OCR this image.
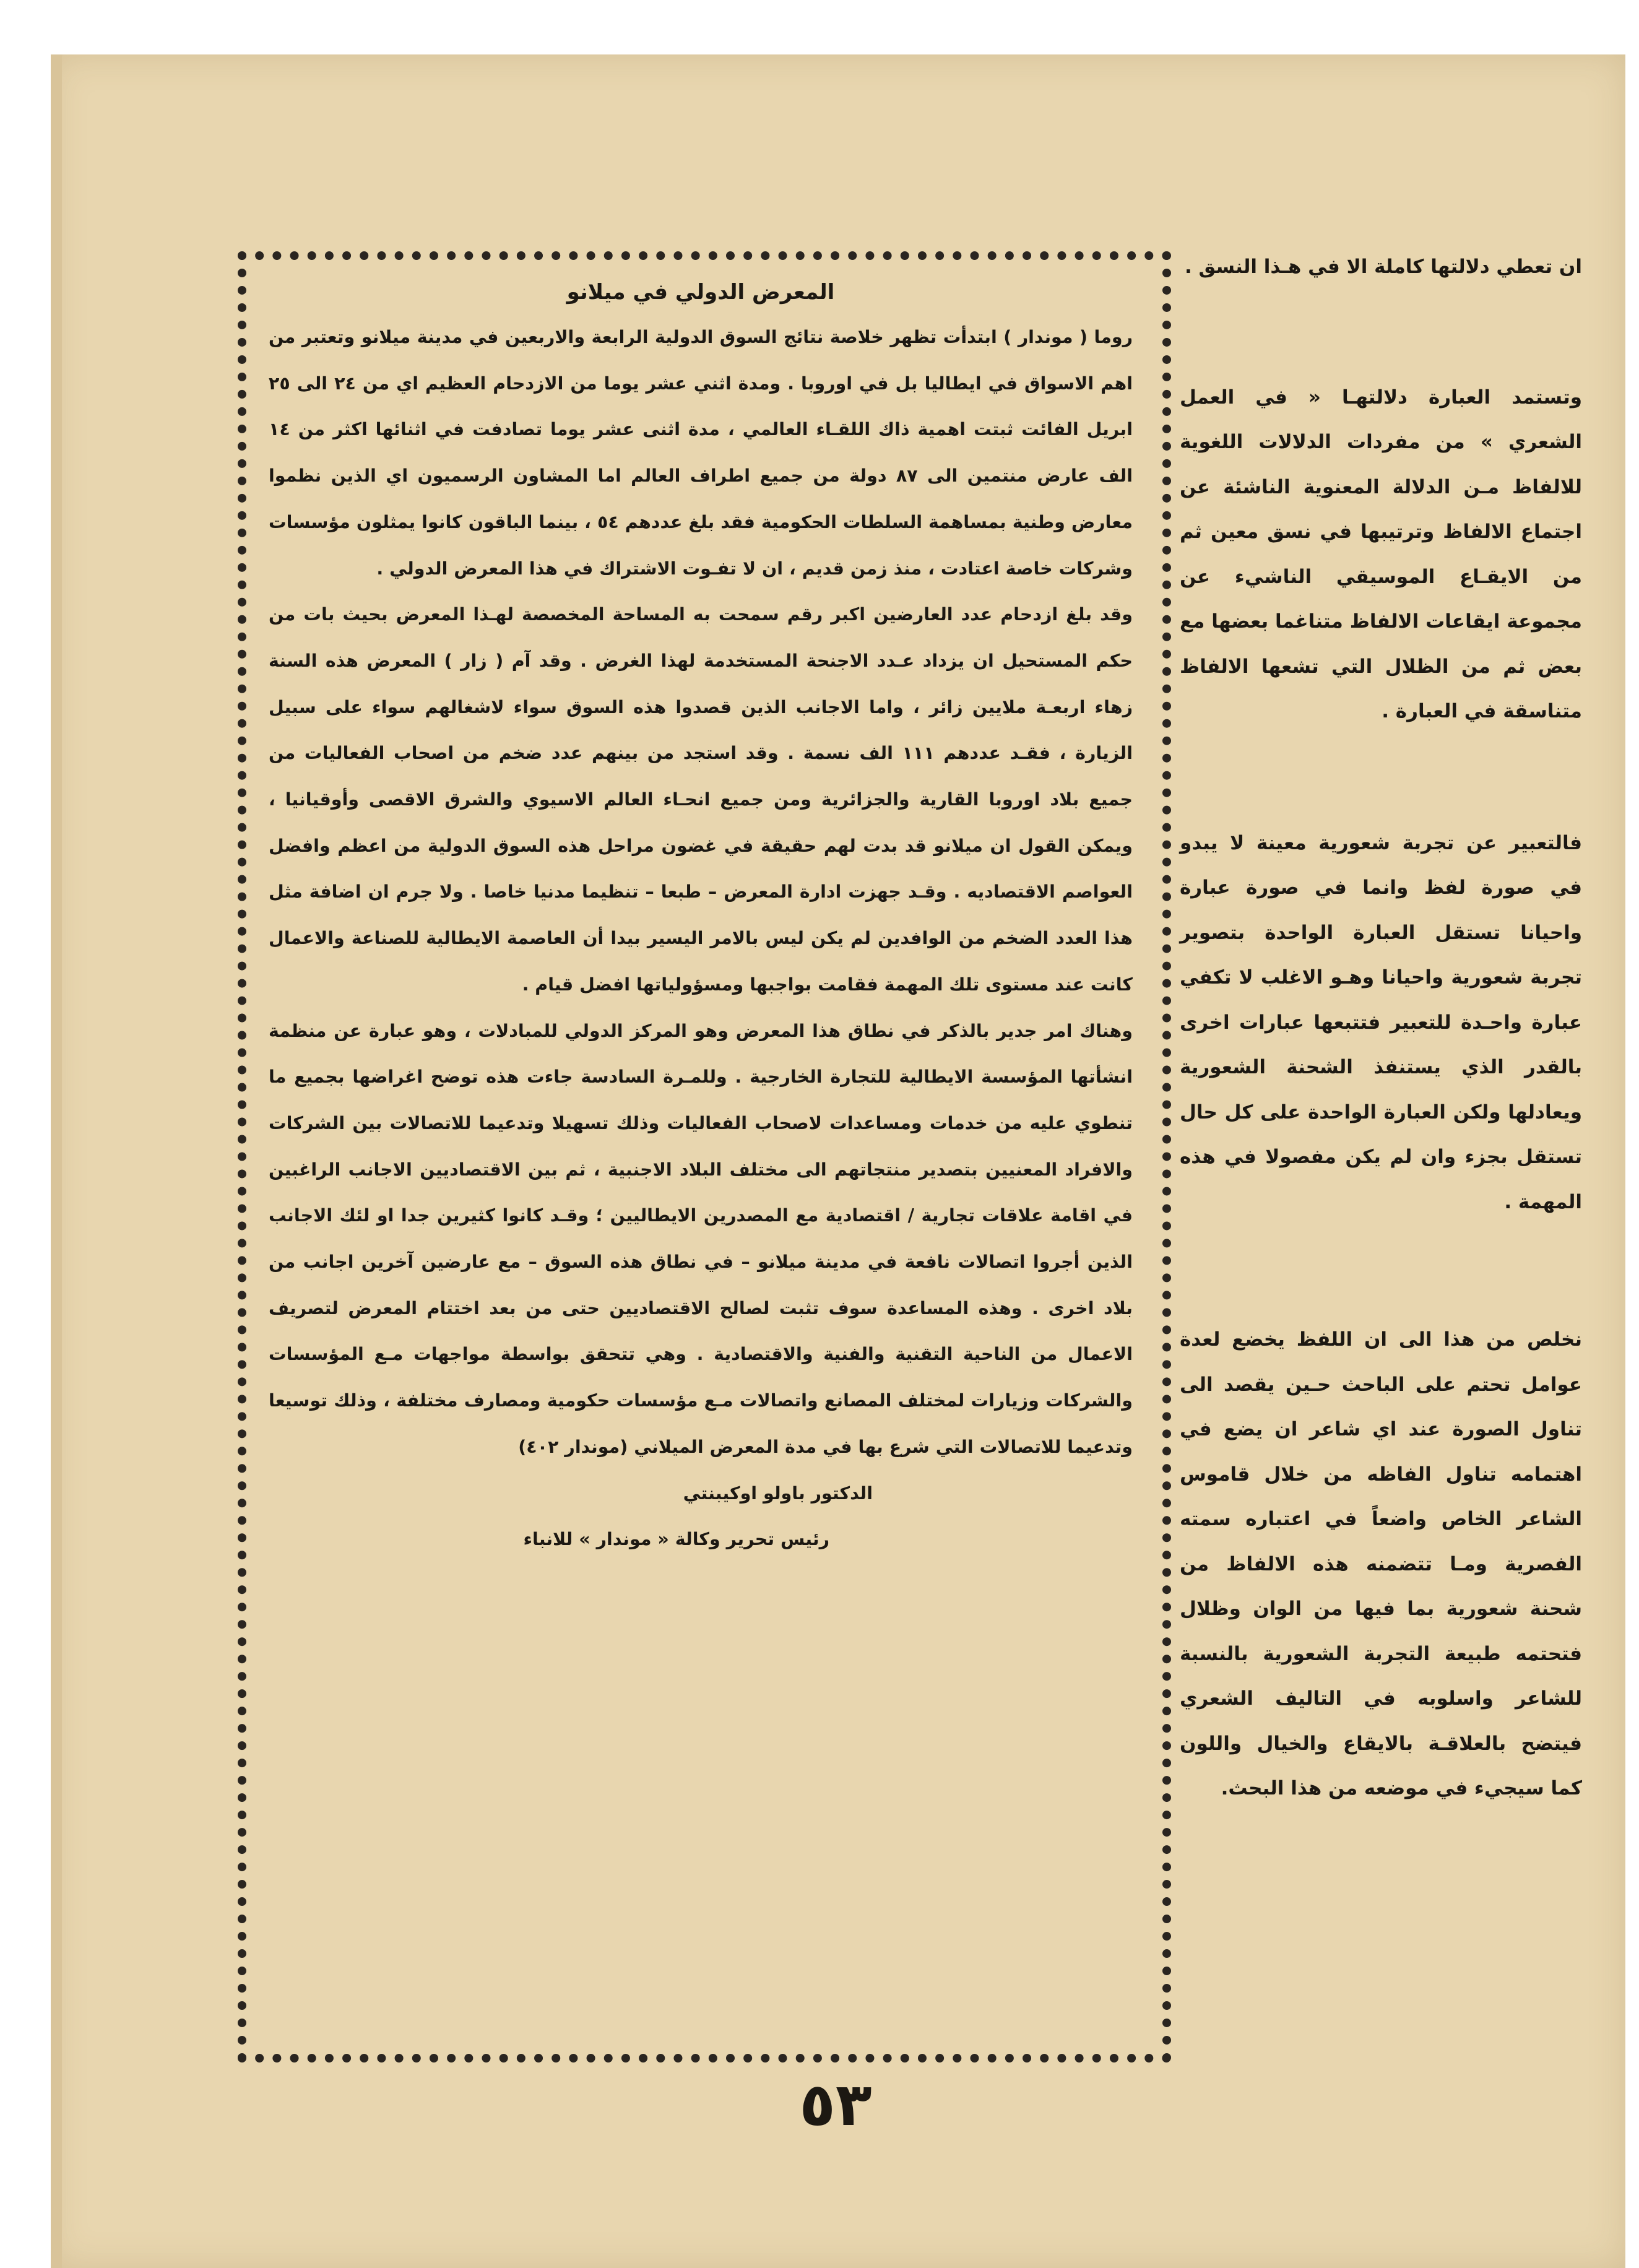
ان تعطي دلالتها كاملة الا في هـذا النسق .

وتستمد العبارة دلالتهـا « في العمل الشعري » من مفردات الدلالات اللغوية للالفاظ مـن الدلالة المعنوية الناشئة عن اجتماع الالفاظ وترتيبها في نسق معين ثم من الايقـاع الموسيقي الناشيء عن مجموعة ايقاعات الالفاظ متناغما بعضها مع بعض ثم من الظلال التي تشعها الالفاظ متناسقة في العبارة .

فالتعبير عن تجربة شعورية معينة لا يبدو في صورة لفظ وانما في صورة عبارة واحيانا تستقل العبارة الواحدة بتصوير تجربة شعورية واحيانا وهـو الاغلب لا تكفي عبارة واحـدة للتعبير فتتبعها عبارات اخرى بالقدر الذي يستنفذ الشحنة الشعورية ويعادلها ولكن العبارة الواحدة على كل حال تستقل بجزء وان لم يكن مفصولا في هذه المهمة .

نخلص من هذا الى ان اللفظ يخضع لعدة عوامل تحتم على الباحث حـين يقصد الى تناول الصورة عند اي شاعر ان يضع في اهتمامه تناول الفاظه من خلال قاموس الشاعر الخاص واضعاً في اعتباره سمته الفصرية ومـا تتضمنه هذه الالفاظ من شحنة شعورية بما فيها من الوان وظلال فتحتمه طبيعة التجربة الشعورية بالنسبة للشاعر واسلوبه في التاليف الشعري فيتضح بالعلاقـة بالايقاع والخيال واللون كما سيجيء في موضعه من هذا البحث.

المعرض الدولي في ميلانو

روما ( موندار ) ابتدأت تظهر خلاصة نتائج السوق الدولية الرابعة والاربعين في مدينة ميلانو وتعتبر من اهم الاسواق في ايطاليا بل في اوروبا . ومدة اثني عشر يوما من الازدحام العظيم اي من ٢٤ الى ٢٥ ابريل الفائت ثبتت اهمية ذاك اللقـاء العالمي ، مدة اثنى عشر يوما تصادفت في اثنائها اكثر من ١٤ الف عارض منتمين الى ٨٧ دولة من جميع اطراف العالم اما المشاون الرسميون اي الذين نظموا معارض وطنية بمساهمة السلطات الحكومية فقد بلغ عددهم ٥٤ ، بينما الباقون كانوا يمثلون مؤسسات وشركات خاصة اعتادت ، منذ زمن قديم ، ان لا تفـوت الاشتراك في هذا المعرض الدولي .

وقد بلغ ازدحام عدد العارضين اكبر رقم سمحت به المساحة المخصصة لهـذا المعرض بحيث بات من حكم المستحيل ان يزداد عـدد الاجنحة المستخدمة لهذا الغرض . وقد آم ( زار ) المعرض هذه السنة زهاء اربعـة ملايين زائر ، واما الاجانب الذين قصدوا هذه السوق سواء لاشغالهم سواء على سبيل الزيارة ، فقـد عددهم ١١١ الف نسمة . وقد استجد من بينهم عدد ضخم من اصحاب الفعاليات من جميع بلاد اوروبا القارية والجزائرية ومن جميع انحـاء العالم الاسيوي والشرق الاقصى وأوقيانيا ، ويمكن القول ان ميلانو قد بدت لهم حقيقة في غضون مراحل هذه السوق الدولية من اعظم وافضل العواصم الاقتصاديه . وقـد جهزت ادارة المعرض – طبعا – تنظيما مدنيا خاصا . ولا جرم ان اضافة مثل هذا العدد الضخم من الوافدين لم يكن ليس بالامر اليسير بيدا أن العاصمة الايطالية للصناعة والاعمال كانت عند مستوى تلك المهمة فقامت بواجبها ومسؤولياتها افضل قيام .

وهناك امر جدير بالذكر في نطاق هذا المعرض وهو المركز الدولي للمبادلات ، وهو عبارة عن منظمة انشأتها المؤسسة الايطالية للتجارة الخارجية . وللمـرة السادسة جاءت هذه توضح اغراضها بجميع ما تنطوي عليه من خدمات ومساعدات لاصحاب الفعاليات وذلك تسهيلا وتدعيما للاتصالات بين الشركات والافراد المعنيين بتصدير منتجاتهم الى مختلف البلاد الاجنبية ، ثم بين الاقتصاديين الاجانب الراغبين في اقامة علاقات تجارية / اقتصادية مع المصدرين الايطاليين ؛ وقـد كانوا كثيرين جدا او لئك الاجانب الذين أجروا اتصالات نافعة في مدينة ميلانو – في نطاق هذه السوق – مع عارضين آخرين اجانب من بلاد اخرى . وهذه المساعدة سوف تثبت لصالح الاقتصاديين حتى من بعد اختتام المعرض لتصريف الاعمال من الناحية التقنية والفنية والاقتصادية . وهي تتحقق بواسطة مواجهات مـع المؤسسات والشركات وزيارات لمختلف المصانع واتصالات مـع مؤسسات حكومية ومصارف مختلفة ، وذلك توسيعا وتدعيما للاتصالات التي شرع بها في مدة المعرض الميلاني (موندار ٤٠٢)

الدكتور باولو اوكيبنتي

رئيس تحرير وكالة « موندار » للانباء

٥٣
